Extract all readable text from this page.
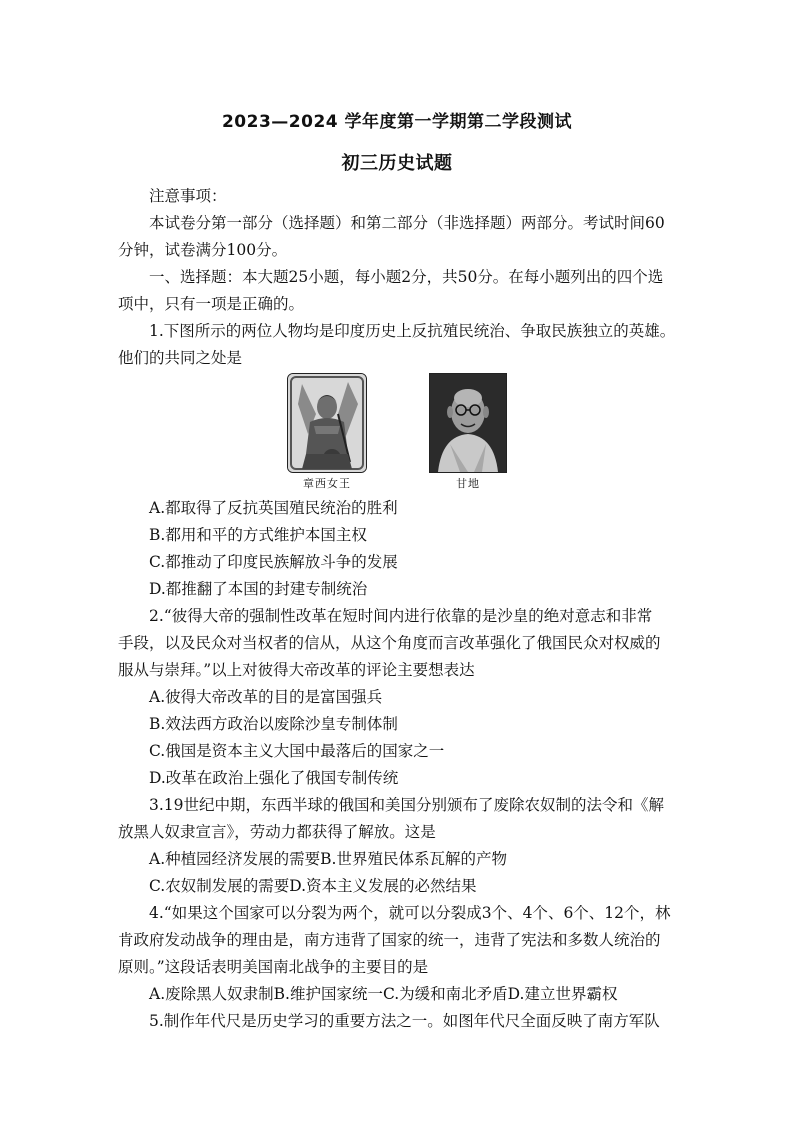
2023—2024 学年度第一学期第二学段测试
初三历史试题
注意事项：
本试卷分第一部分（选择题）和第二部分（非选择题）两部分。考试时间60
分钟，试卷满分100分。
一、选择题：本大题25小题，每小题2分，共50分。在每小题列出的四个选
项中，只有一项是正确的。
1.下图所示的两位人物均是印度历史上反抗殖民统治、争取民族独立的英雄。
他们的共同之处是
章西女王	甘地
A.都取得了反抗英国殖民统治的胜利
B.都用和平的方式维护本国主权
C.都推动了印度民族解放斗争的发展
D.都推翻了本国的封建专制统治
2.“彼得大帝的强制性改革在短时间内进行依靠的是沙皇的绝对意志和非常
手段，以及民众对当权者的信从，从这个角度而言改革强化了俄国民众对权威的
服从与崇拜。”以上对彼得大帝改革的评论主要想表达
A.彼得大帝改革的目的是富国强兵
B.效法西方政治以废除沙皇专制体制
C.俄国是资本主义大国中最落后的国家之一
D.改革在政治上强化了俄国专制传统
3.19世纪中期，东西半球的俄国和美国分别颁布了废除农奴制的法令和《解
放黑人奴隶宣言》，劳动力都获得了解放。这是
A.种植园经济发展的需要B.世界殖民体系瓦解的产物
C.农奴制发展的需要D.资本主义发展的必然结果
4.“如果这个国家可以分裂为两个，就可以分裂成3个、4个、6个、12个，林
肯政府发动战争的理由是，南方违背了国家的统一，违背了宪法和多数人统治的
原则。”这段话表明美国南北战争的主要目的是
A.废除黑人奴隶制B.维护国家统一C.为缓和南北矛盾D.建立世界霸权
5.制作年代尺是历史学习的重要方法之一。如图年代尺全面反映了南方军队
